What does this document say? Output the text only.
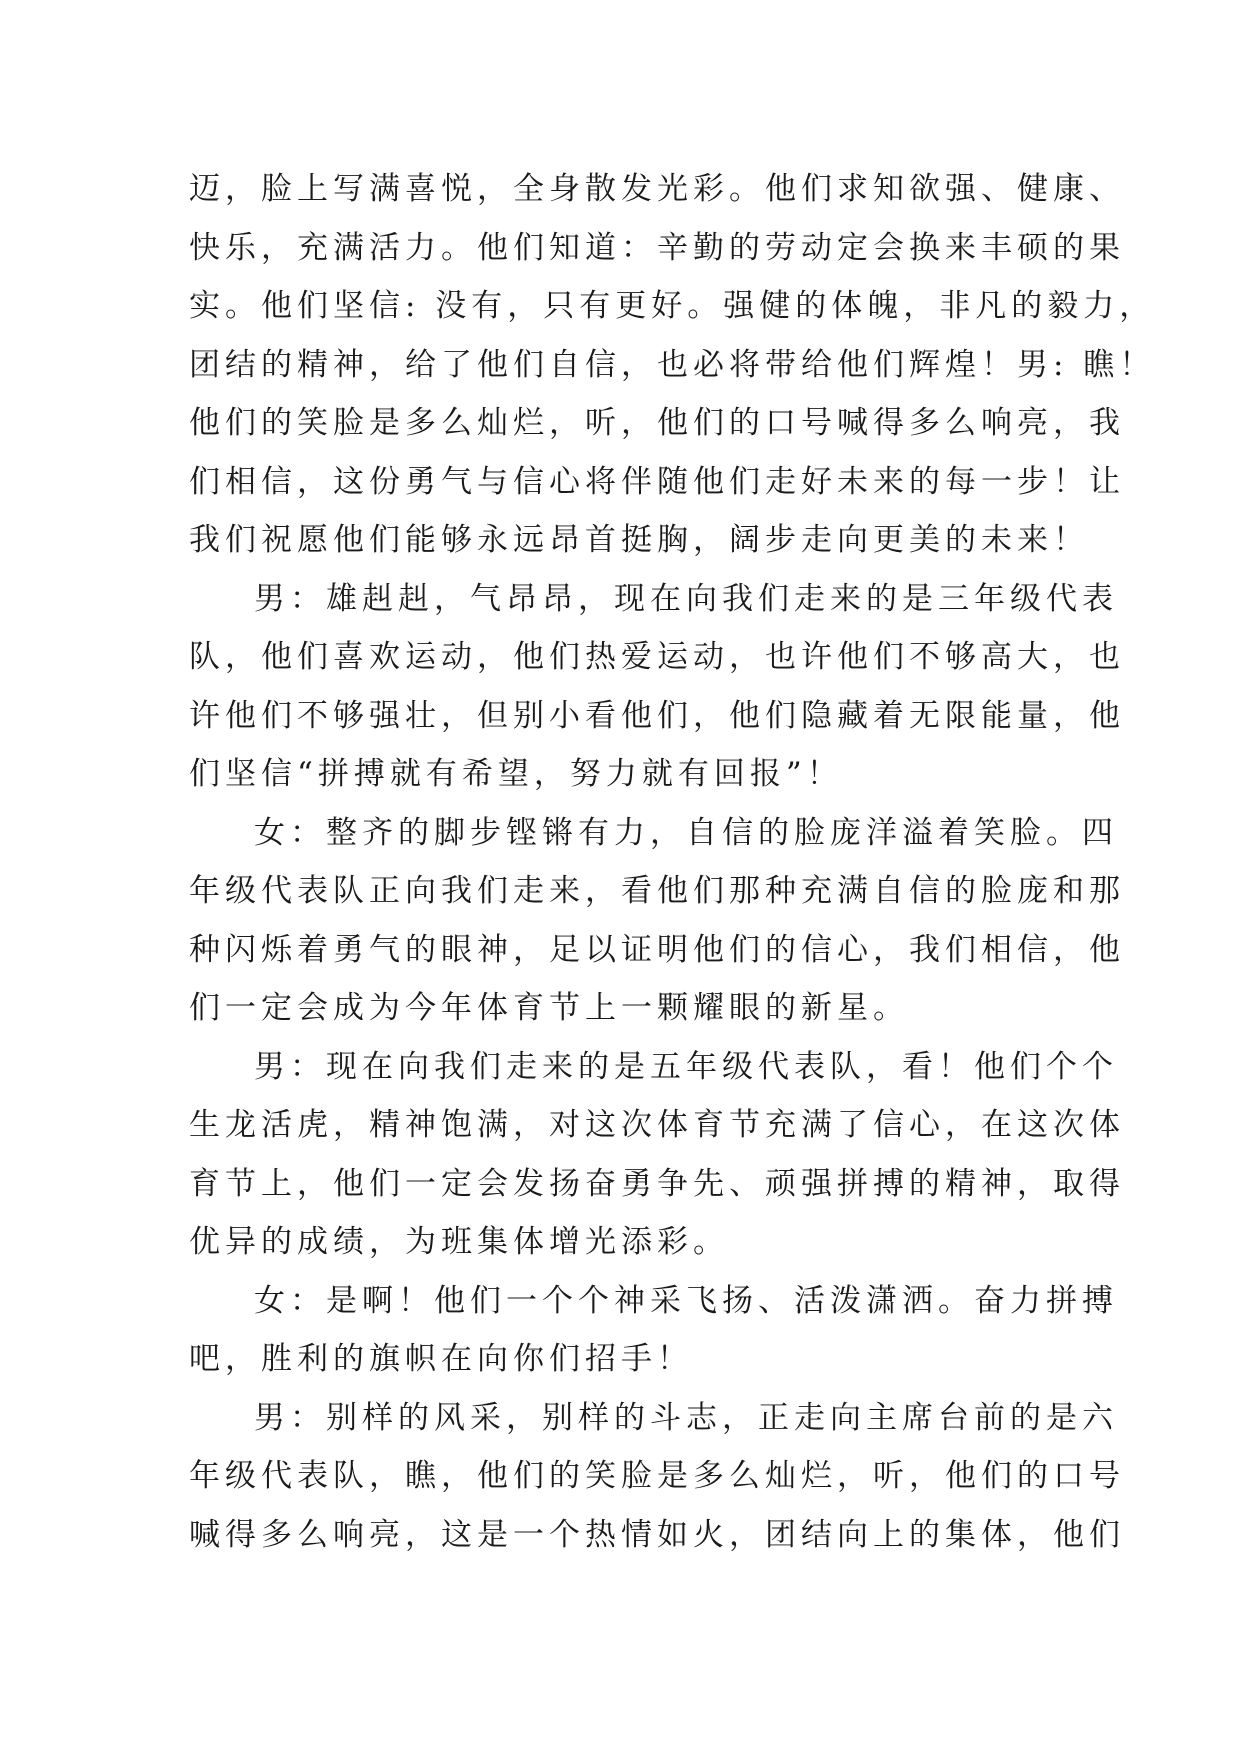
迈，脸上写满喜悦，全身散发光彩。他们求知欲强、健康、
快乐，充满活力。他们知道：辛勤的劳动定会换来丰硕的果
实。他们坚信: 没有，只有更好。强健的体魄，非凡的毅力，
团结的精神，给了他们自信，也必将带给他们辉煌！男: 瞧！
他们的笑脸是多么灿烂，听，他们的口号喊得多么响亮，我
们相信，这份勇气与信心将伴随他们走好未来的每一步！让
我们祝愿他们能够永远昂首挺胸，阔步走向更美的未来！
男：雄赳赳，气昂昂，现在向我们走来的是三年级代表
队，他们喜欢运动，他们热爱运动，也许他们不够高大，也
许他们不够强壮，但别小看他们，他们隐藏着无限能量，他
们坚信“拼搏就有希望，努力就有回报”！
女：整齐的脚步铿锵有力，自信的脸庞洋溢着笑脸。四
年级代表队正向我们走来，看他们那种充满自信的脸庞和那
种闪烁着勇气的眼神，足以证明他们的信心，我们相信，他
们一定会成为今年体育节上一颗耀眼的新星。
男：现在向我们走来的是五年级代表队，看！他们个个
生龙活虎，精神饱满，对这次体育节充满了信心，在这次体
育节上，他们一定会发扬奋勇争先、顽强拼搏的精神，取得
优异的成绩，为班集体增光添彩。
女：是啊！他们一个个神采飞扬、活泼潇洒。奋力拼搏
吧，胜利的旗帜在向你们招手！
男：别样的风采，别样的斗志，正走向主席台前的是六
年级代表队，瞧，他们的笑脸是多么灿烂，听，他们的口号
喊得多么响亮，这是一个热情如火，团结向上的集体，他们
